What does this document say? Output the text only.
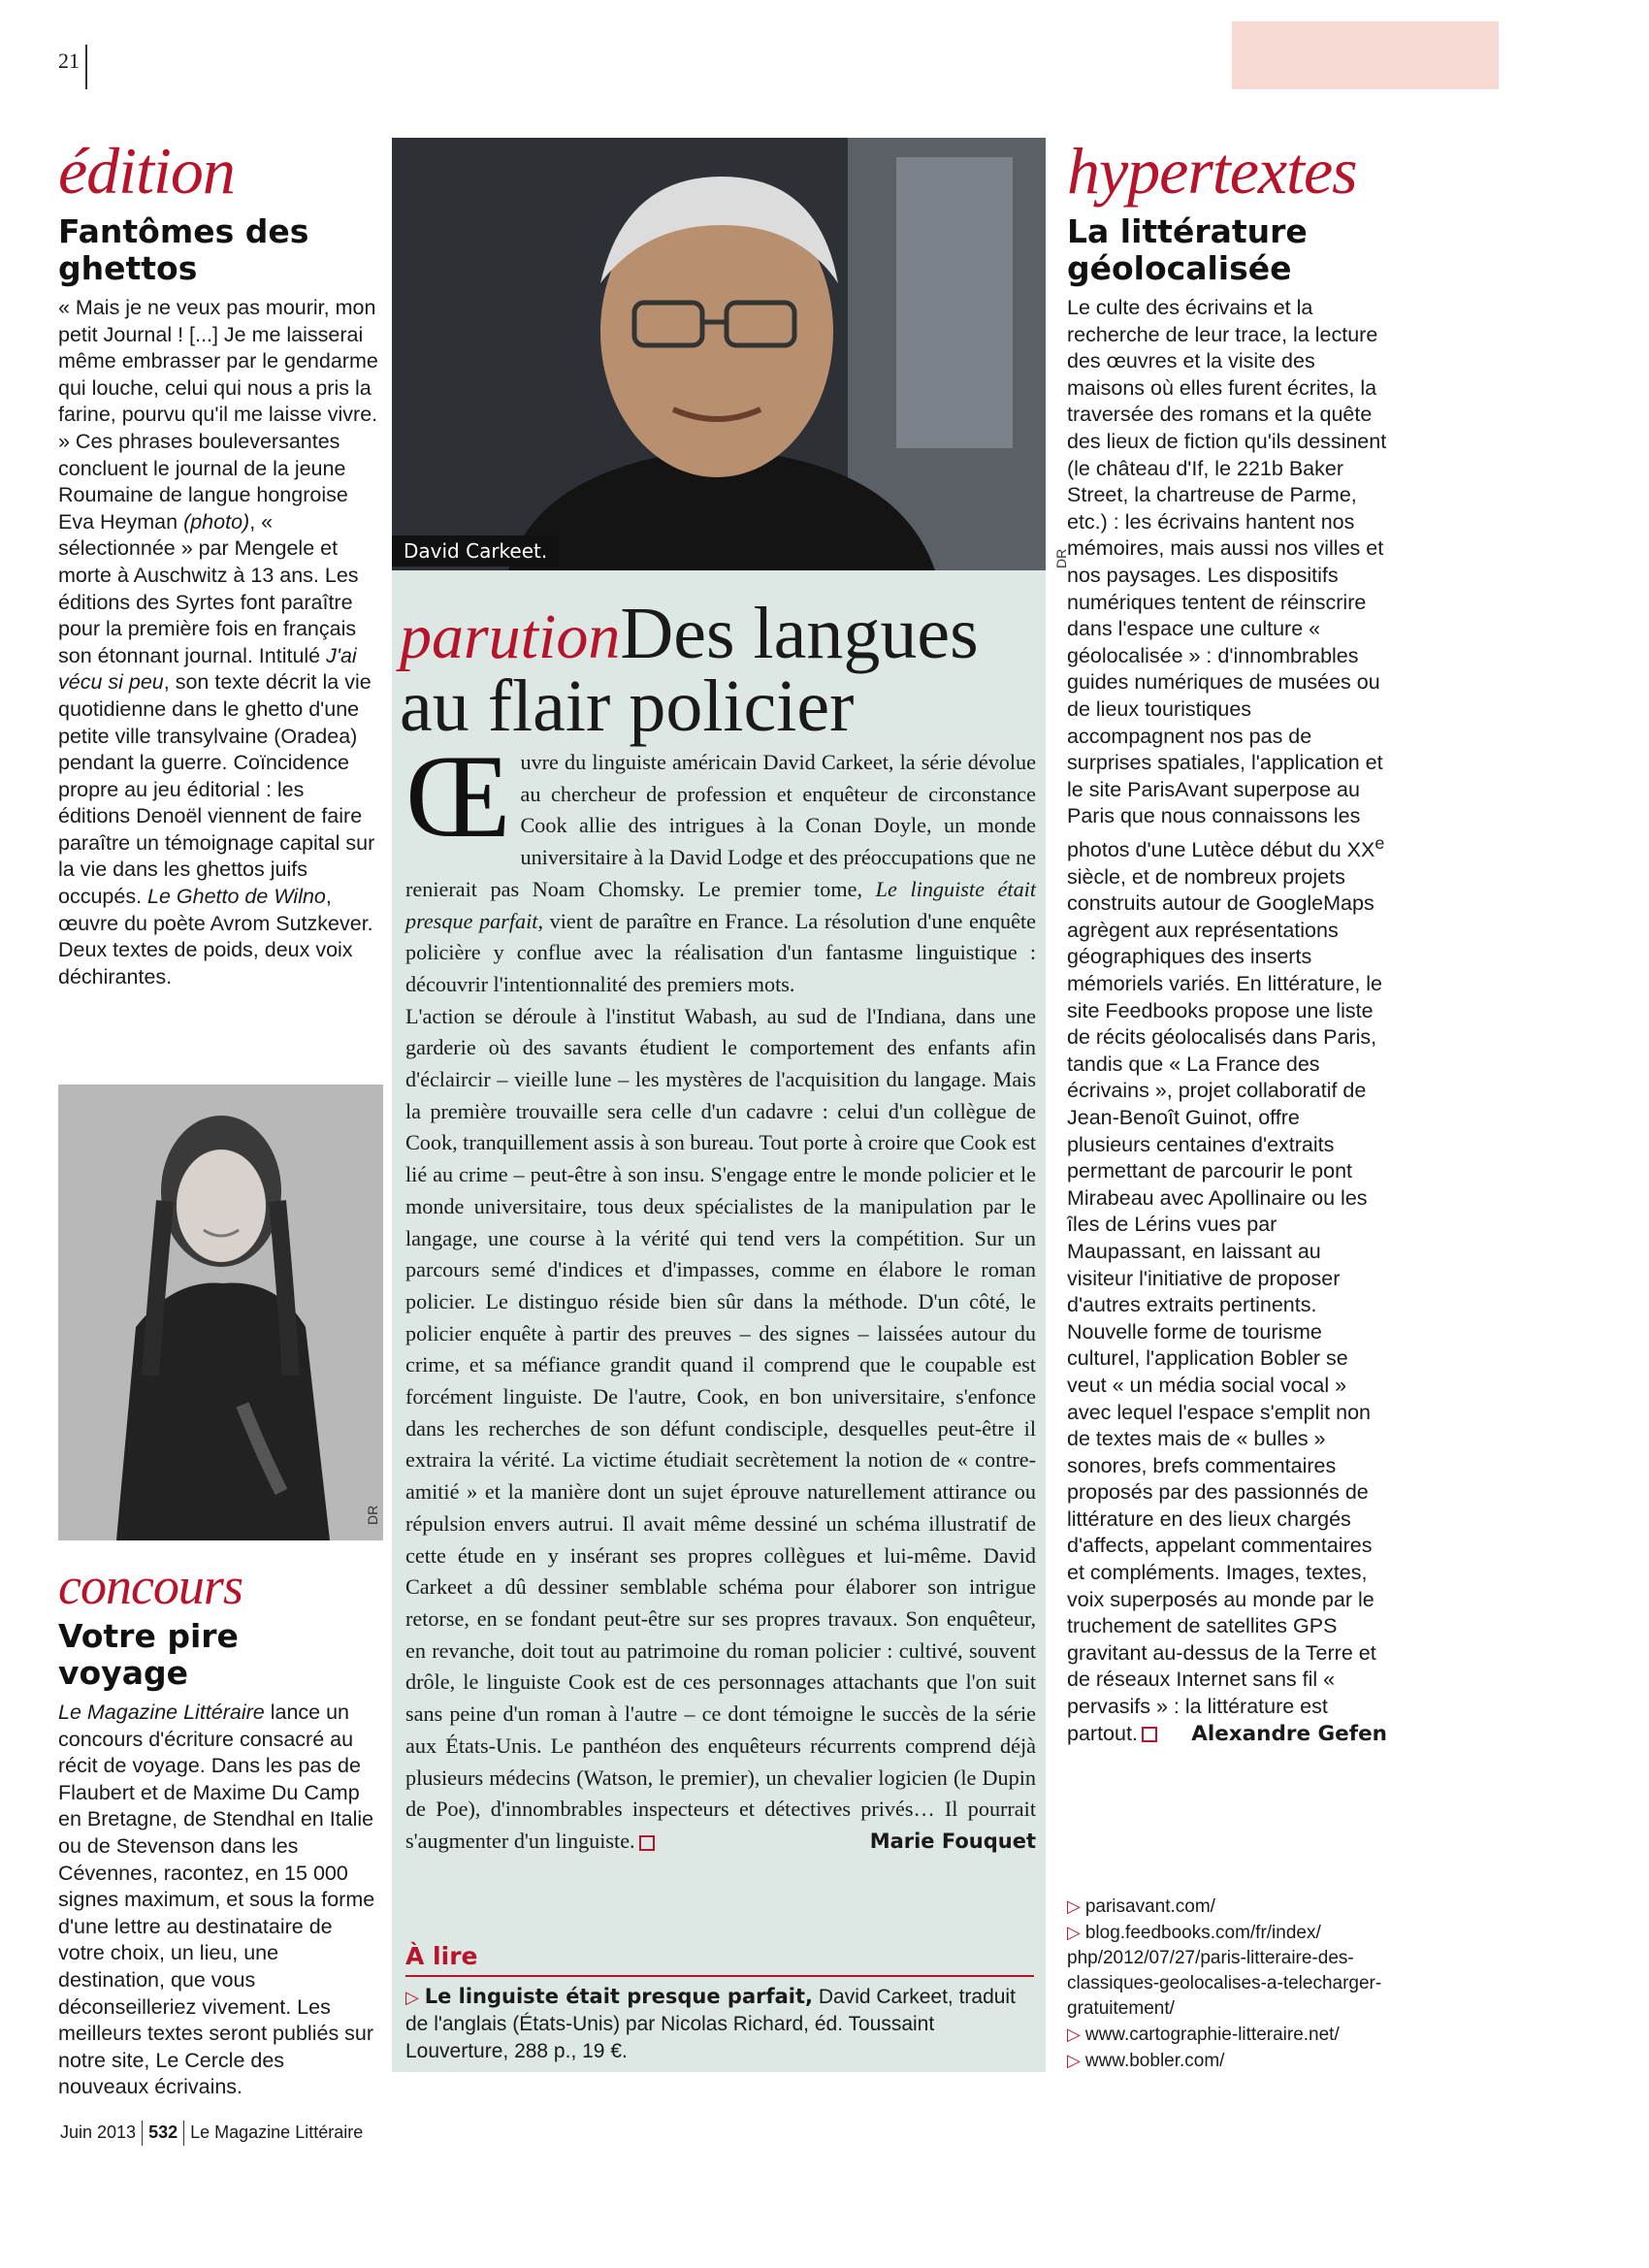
21
édition
Fantômes des ghettos
« Mais je ne veux pas mourir, mon petit Journal ! [...] Je me laisserai même embrasser par le gendarme qui louche, celui qui nous a pris la farine, pourvu qu'il me laisse vivre. » Ces phrases bouleversantes concluent le journal de la jeune Roumaine de langue hongroise Eva Heyman (photo), « sélectionnée » par Mengele et morte à Auschwitz à 13 ans. Les éditions des Syrtes font paraître pour la première fois en français son étonnant journal. Intitulé J'ai vécu si peu, son texte décrit la vie quotidienne dans le ghetto d'une petite ville transylvaine (Oradea) pendant la guerre. Coïncidence propre au jeu éditorial : les éditions Denoël viennent de faire paraître un témoignage capital sur la vie dans les ghettos juifs occupés. Le Ghetto de Wilno, œuvre du poète Avrom Sutzkever. Deux textes de poids, deux voix déchirantes.
DR
concours
Votre pire voyage
Le Magazine Littéraire lance un concours d'écriture consacré au récit de voyage. Dans les pas de Flaubert et de Maxime Du Camp en Bretagne, de Stendhal en Italie ou de Stevenson dans les Cévennes, racontez, en 15 000 signes maximum, et sous la forme d'une lettre au destinataire de votre choix, un lieu, une destination, que vous déconseilleriez vivement. Les meilleurs textes seront publiés sur notre site, Le Cercle des nouveaux écrivains.
David Carkeet.	DR
parutionDes langues
au flair policier
Œ uvre du linguiste américain David Carkeet, la série dévolue au chercheur de profession et enquêteur de circonstance Cook allie des intrigues à la Conan Doyle, un monde universitaire à la David Lodge et des préoccupations que ne renierait pas Noam Chomsky. Le premier tome, Le linguiste était presque parfait, vient de paraître en France. La résolution d'une enquête policière y conflue avec la réalisation d'un fantasme linguistique : découvrir l'intentionnalité des premiers mots.
L'action se déroule à l'institut Wabash, au sud de l'Indiana, dans une garderie où des savants étudient le comportement des enfants afin d'éclaircir – vieille lune – les mystères de l'acquisition du langage. Mais la première trouvaille sera celle d'un cadavre : celui d'un collègue de Cook, tranquillement assis à son bureau. Tout porte à croire que Cook est lié au crime – peut-être à son insu. S'engage entre le monde policier et le monde universitaire, tous deux spécialistes de la manipulation par le langage, une course à la vérité qui tend vers la compétition. Sur un parcours semé d'indices et d'impasses, comme en élabore le roman policier. Le distinguo réside bien sûr dans la méthode. D'un côté, le policier enquête à partir des preuves – des signes – laissées autour du crime, et sa méfiance grandit quand il comprend que le coupable est forcément linguiste. De l'autre, Cook, en bon universitaire, s'enfonce dans les recherches de son défunt condisciple, desquelles peut-être il extraira la vérité. La victime étudiait secrètement la notion de « contre-amitié » et la manière dont un sujet éprouve naturellement attirance ou répulsion envers autrui. Il avait même dessiné un schéma illustratif de cette étude en y insérant ses propres collègues et lui-même. David Carkeet a dû dessiner semblable schéma pour élaborer son intrigue retorse, en se fondant peut-être sur ses propres travaux. Son enquêteur, en revanche, doit tout au patrimoine du roman policier : cultivé, souvent drôle, le linguiste Cook est de ces personnages attachants que l'on suit sans peine d'un roman à l'autre – ce dont témoigne le succès de la série aux États-Unis. Le panthéon des enquêteurs récurrents comprend déjà plusieurs médecins (Watson, le premier), un chevalier logicien (le Dupin de Poe), d'innombrables inspecteurs et détectives privés… Il pourrait s'augmenter d'un linguiste.	Marie Fouquet
À lire
▷ Le linguiste était presque parfait, David Carkeet, traduit de l'anglais (États-Unis) par Nicolas Richard, éd. Toussaint Louverture, 288 p., 19 €.
hypertextes
La littérature géolocalisée
Le culte des écrivains et la recherche de leur trace, la lecture des œuvres et la visite des maisons où elles furent écrites, la traversée des romans et la quête des lieux de fiction qu'ils dessinent (le château d'If, le 221b Baker Street, la chartreuse de Parme, etc.) : les écrivains hantent nos mémoires, mais aussi nos villes et nos paysages. Les dispositifs numériques tentent de réinscrire dans l'espace une culture « géolocalisée » : d'innombrables guides numériques de musées ou de lieux touristiques accompagnent nos pas de surprises spatiales, l'application et le site ParisAvant superpose au Paris que nous connaissons les photos d'une Lutèce début du XXe siècle, et de nombreux projets construits autour de GoogleMaps agrègent aux représentations géographiques des inserts mémoriels variés. En littérature, le site Feedbooks propose une liste de récits géolocalisés dans Paris, tandis que « La France des écrivains », projet collaboratif de Jean-Benoît Guinot, offre plusieurs centaines d'extraits permettant de parcourir le pont Mirabeau avec Apollinaire ou les îles de Lérins vues par Maupassant, en laissant au visiteur l'initiative de proposer d'autres extraits pertinents. Nouvelle forme de tourisme culturel, l'application Bobler se veut « un média social vocal » avec lequel l'espace s'emplit non de textes mais de « bulles » sonores, brefs commentaires proposés par des passionnés de littérature en des lieux chargés d'affects, appelant commentaires et compléments. Images, textes, voix superposés au monde par le truchement de satellites GPS gravitant au-dessus de la Terre et de réseaux Internet sans fil « pervasifs » : la littérature est partout.	Alexandre Gefen
▷ parisavant.com/
▷ blog.feedbooks.com/fr/index/
php/2012/07/27/paris-litteraire-des-
classiques-geolocalises-a-telecharger-
gratuitement/
▷ www.cartographie-litteraire.net/
▷ www.bobler.com/
Juin 2013 532 Le Magazine Littéraire
